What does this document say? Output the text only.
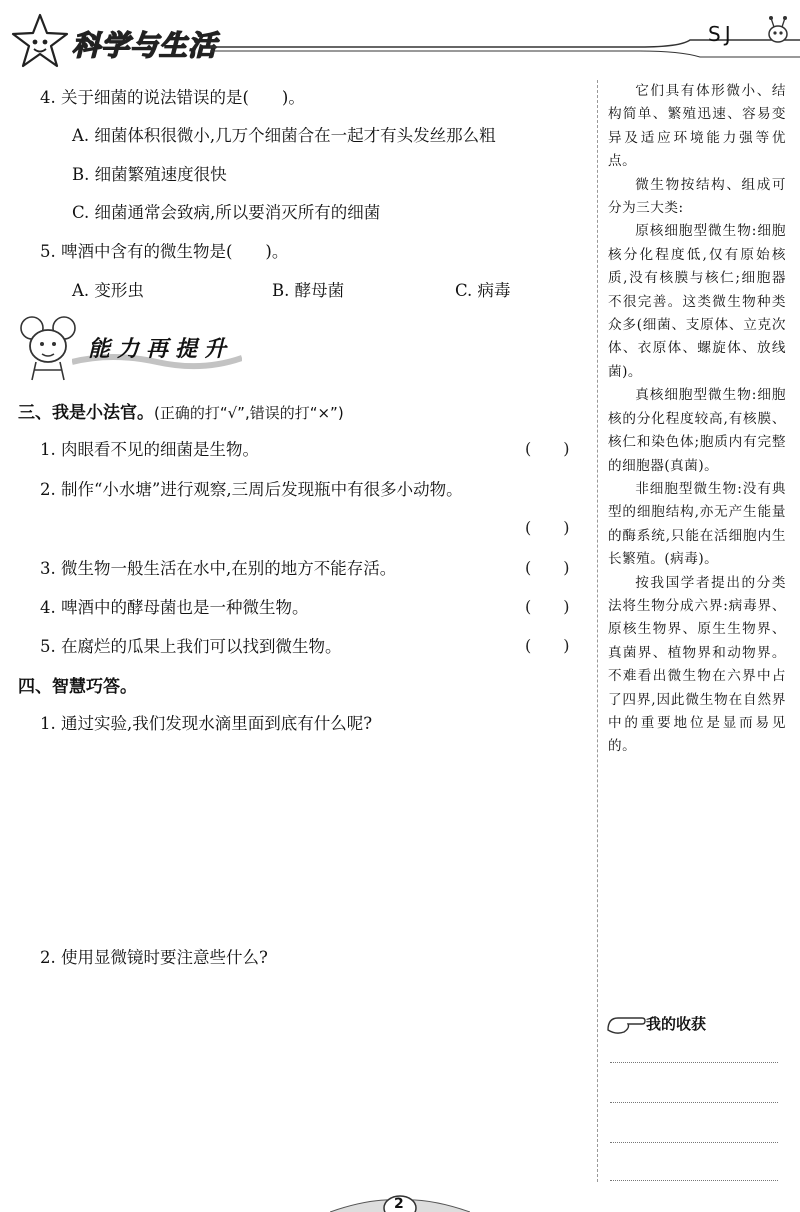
科学与生活	SJ
4. 关于细菌的说法错误的是(　　)。
A. 细菌体积很微小,几万个细菌合在一起才有头发丝那么粗
B. 细菌繁殖速度很快
C. 细菌通常会致病,所以要消灭所有的细菌
5. 啤酒中含有的微生物是(　　)。
A. 变形虫	B. 酵母菌	C. 病毒
能力再提升
三、我是小法官。(正确的打“√”,错误的打“×”)
1. 肉眼看不见的细菌是生物。	(　　)
2. 制作“小水塘”进行观察,三周后发现瓶中有很多小动物。
(　　)
3. 微生物一般生活在水中,在别的地方不能存活。	(　　)
4. 啤酒中的酵母菌也是一种微生物。	(　　)
5. 在腐烂的瓜果上我们可以找到微生物。	(　　)
四、智慧巧答。
1. 通过实验,我们发现水滴里面到底有什么呢?
2. 使用显微镜时要注意些什么?

它们具有体形微小、结构简单、繁殖迅速、容易变异及适应环境能力强等优点。

微生物按结构、组成可分为三大类:

原核细胞型微生物:细胞核分化程度低,仅有原始核质,没有核膜与核仁;细胞器不很完善。这类微生物种类众多(细菌、支原体、立克次体、衣原体、螺旋体、放线菌)。

真核细胞型微生物:细胞核的分化程度较高,有核膜、核仁和染色体;胞质内有完整的细胞器(真菌)。

非细胞型微生物:没有典型的细胞结构,亦无产生能量的酶系统,只能在活细胞内生长繁殖。(病毒)。

按我国学者提出的分类法将生物分成六界:病毒界、原核生物界、原生生物界、真菌界、植物界和动物界。不难看出微生物在六界中占了四界,因此微生物在自然界中的重要地位是显而易见的。

我的收获
2
